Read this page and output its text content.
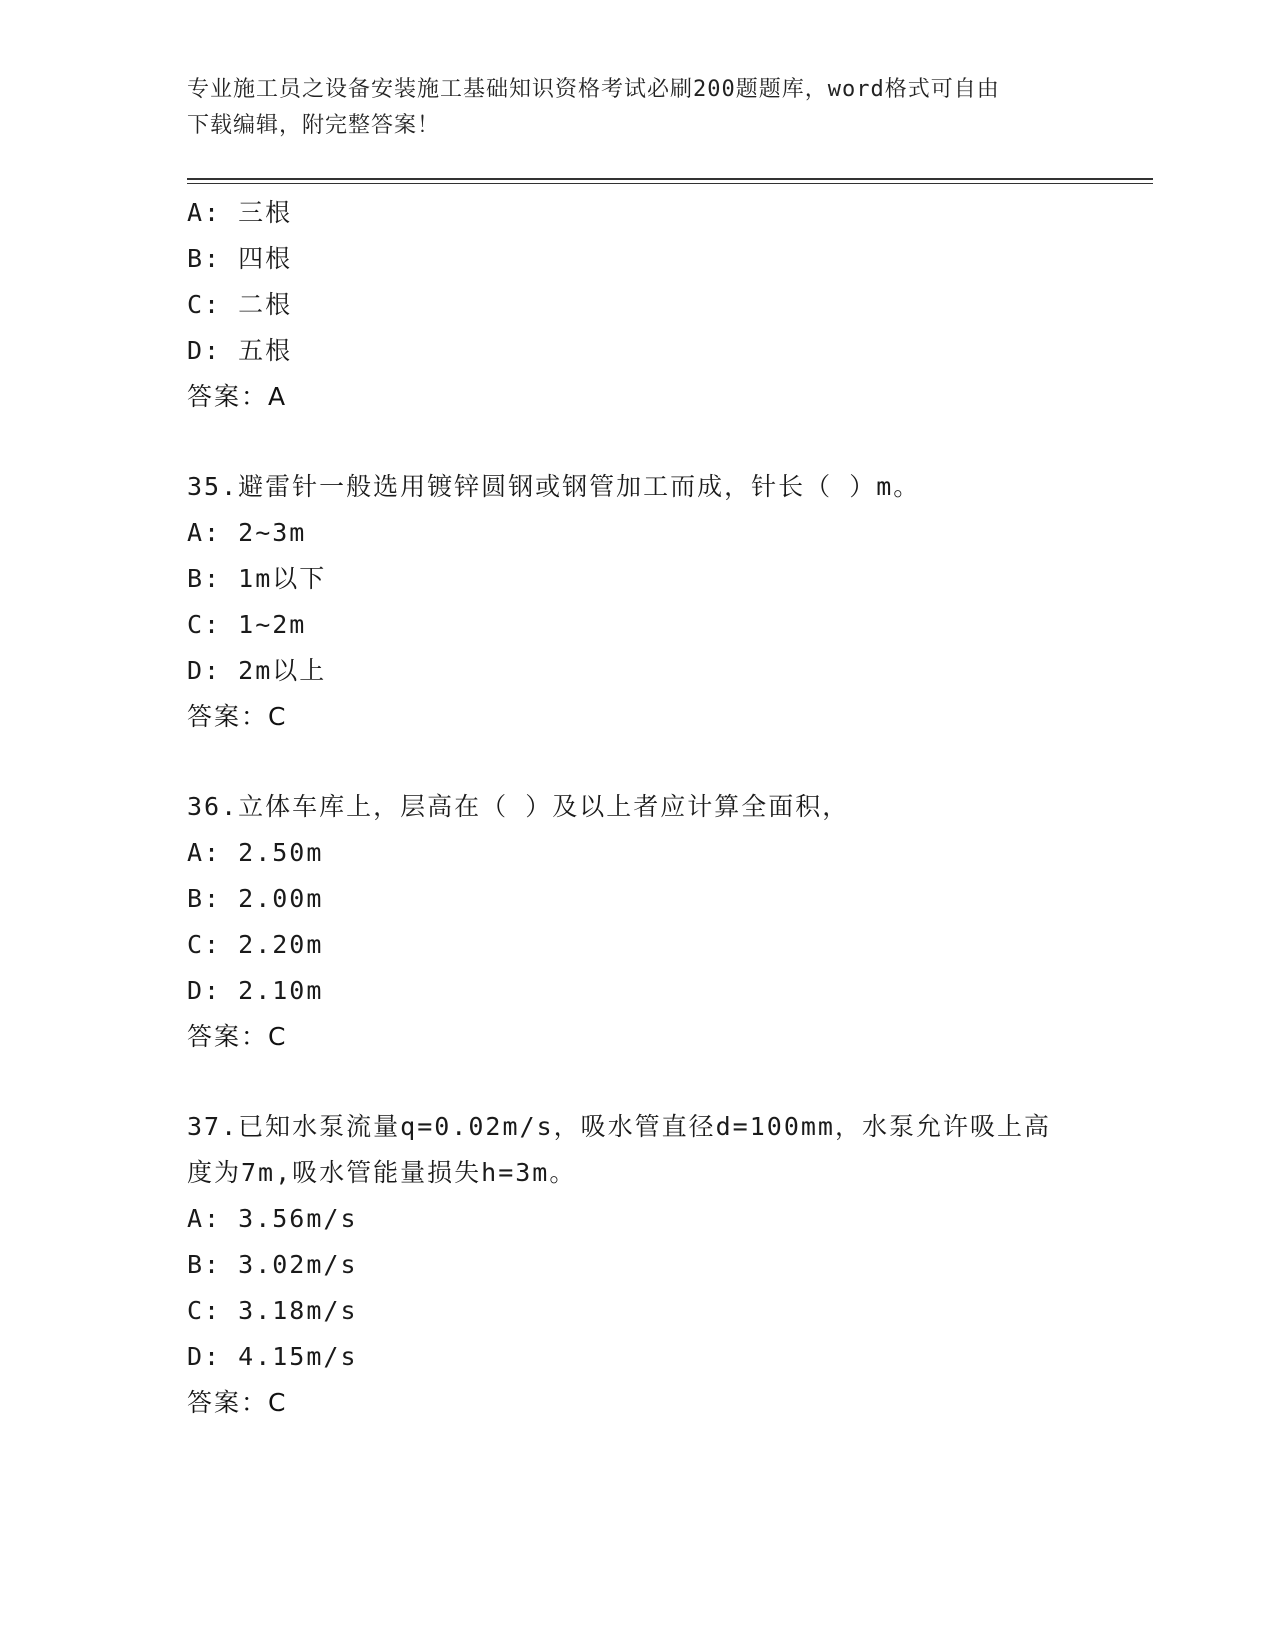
专业施工员之设备安装施工基础知识资格考试必刷200题题库，word格式可自由
下载编辑，附完整答案！
A: 三根
B: 四根
C: 二根
D: 五根
答案：A
35.避雷针一般选用镀锌圆钢或钢管加工而成，针长（ ）m。
A: 2~3m
B: 1m以下
C: 1~2m
D: 2m以上
答案：C
36.立体车库上，层高在（ ）及以上者应计算全面积，
A: 2.50m
B: 2.00m
C: 2.20m
D: 2.10m
答案：C
37.已知水泵流量q=0.02m/s，吸水管直径d=100mm，水泵允许吸上高
度为7m,吸水管能量损失h=3m。
A: 3.56m/s
B: 3.02m/s
C: 3.18m/s
D: 4.15m/s
答案：C
